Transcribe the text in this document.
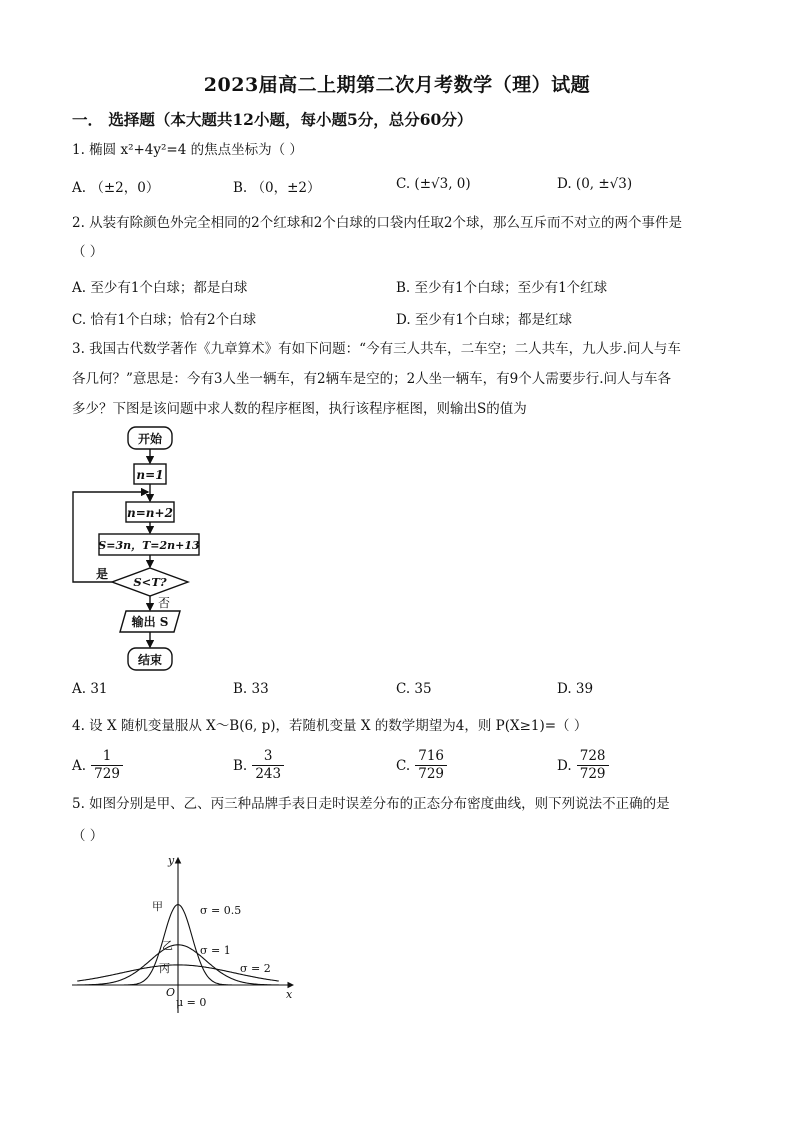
2023届高二上期第二次月考数学（理）试题
一． 选择题（本大题共12小题，每小题5分，总分60分）
1. 椭圆 x²+4y²=4 的焦点坐标为（ ）
A. （±2，0）	B. （0，±2）	C. (±√3, 0)	D. (0, ±√3)
2. 从装有除颜色外完全相同的2个红球和2个白球的口袋内任取2个球，那么互斥而不对立的两个事件是
（ ）
A. 至少有1个白球；都是白球	B. 至少有1个白球；至少有1个红球
C. 恰有1个白球；恰有2个白球	D. 至少有1个白球；都是红球
3. 我国古代数学著作《九章算术》有如下问题：“今有三人共车，二车空；二人共车，九人步.问人与车
各几何？”意思是：今有3人坐一辆车，有2辆车是空的；2人坐一辆车，有9个人需要步行.问人与车各
多少？下图是该问题中求人数的程序框图，执行该程序框图，则输出S的值为
开始
n=1
n=n+2
S=3n，T=2n+13
S<T?
是
否
输出 S
结束
A. 31	B. 33	C. 35	D. 39
4. 设 X 随机变量服从 X～B(6, p)，若随机变量 X 的数学期望为4，则 P(X≥1)=（ ）
A. $\frac{1}{729}$	B. $\frac{3}{243}$	C. $\frac{716}{729}$	D. $\frac{728}{729}$
5. 如图分别是甲、乙、丙三种品牌手表日走时误差分布的正态分布密度曲线，则下列说法不正确的是
（ ）
y
x
O
μ = 0
甲	σ = 0.5
乙 σ = 1
丙	σ = 2
